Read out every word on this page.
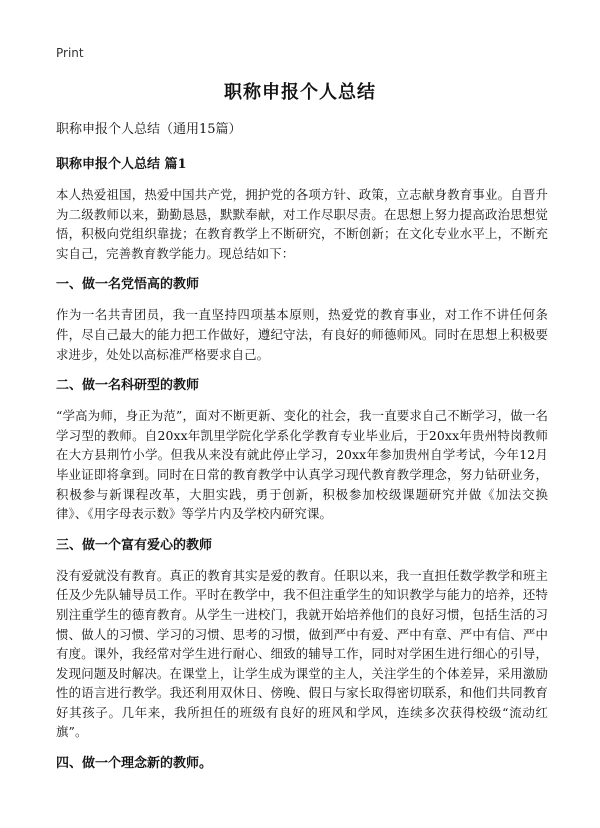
Print
职称申报个人总结

职称申报个人总结（通用15篇）

职称申报个人总结 篇1

本人热爱祖国，热爱中国共产党，拥护党的各项方针、政策，立志献身教育事业。自晋升为二级教师以来，勤勤恳恳，默默奉献，对工作尽职尽责。在思想上努力提高政治思想觉悟，积极向党组织靠拢；在教育教学上不断研究，不断创新；在文化专业水平上，不断充实自己，完善教育教学能力。现总结如下：

一、做一名党悟高的教师

作为一名共青团员，我一直坚持四项基本原则，热爱党的教育事业，对工作不讲任何条件，尽自己最大的能力把工作做好，遵纪守法，有良好的师德师风。同时在思想上积极要求进步，处处以高标准严格要求自己。

二、做一名科研型的教师

“学高为师，身正为范”，面对不断更新、变化的社会，我一直要求自己不断学习，做一名学习型的教师。自20xx年凯里学院化学系化学教育专业毕业后，于20xx年贵州特岗教师在大方县荆竹小学。但我从来没有就此停止学习，20xx年参加贵州自学考试，今年12月毕业证即将拿到。同时在日常的教育教学中认真学习现代教育教学理念，努力钻研业务，积极参与新课程改革，大胆实践，勇于创新，积极参加校级课题研究并做《加法交换律》、《用字母表示数》等学片内及学校内研究课。

三、做一个富有爱心的教师

没有爱就没有教育。真正的教育其实是爱的教育。任职以来，我一直担任数学教学和班主任及少先队辅导员工作。平时在教学中，我不但注重学生的知识教学与能力的培养，还特别注重学生的德育教育。从学生一进校门，我就开始培养他们的良好习惯，包括生活的习惯、做人的习惯、学习的习惯、思考的习惯，做到严中有爱、严中有章、严中有信、严中有度。课外，我经常对学生进行耐心、细致的辅导工作，同时对学困生进行细心的引导，发现问题及时解决。在课堂上，让学生成为课堂的主人，关注学生的个体差异，采用激励性的语言进行教学。我还利用双休日、傍晚、假日与家长取得密切联系，和他们共同教育好其孩子。几年来，我所担任的班级有良好的班风和学风，连续多次获得校级“流动红旗”。

四、做一个理念新的教师。
